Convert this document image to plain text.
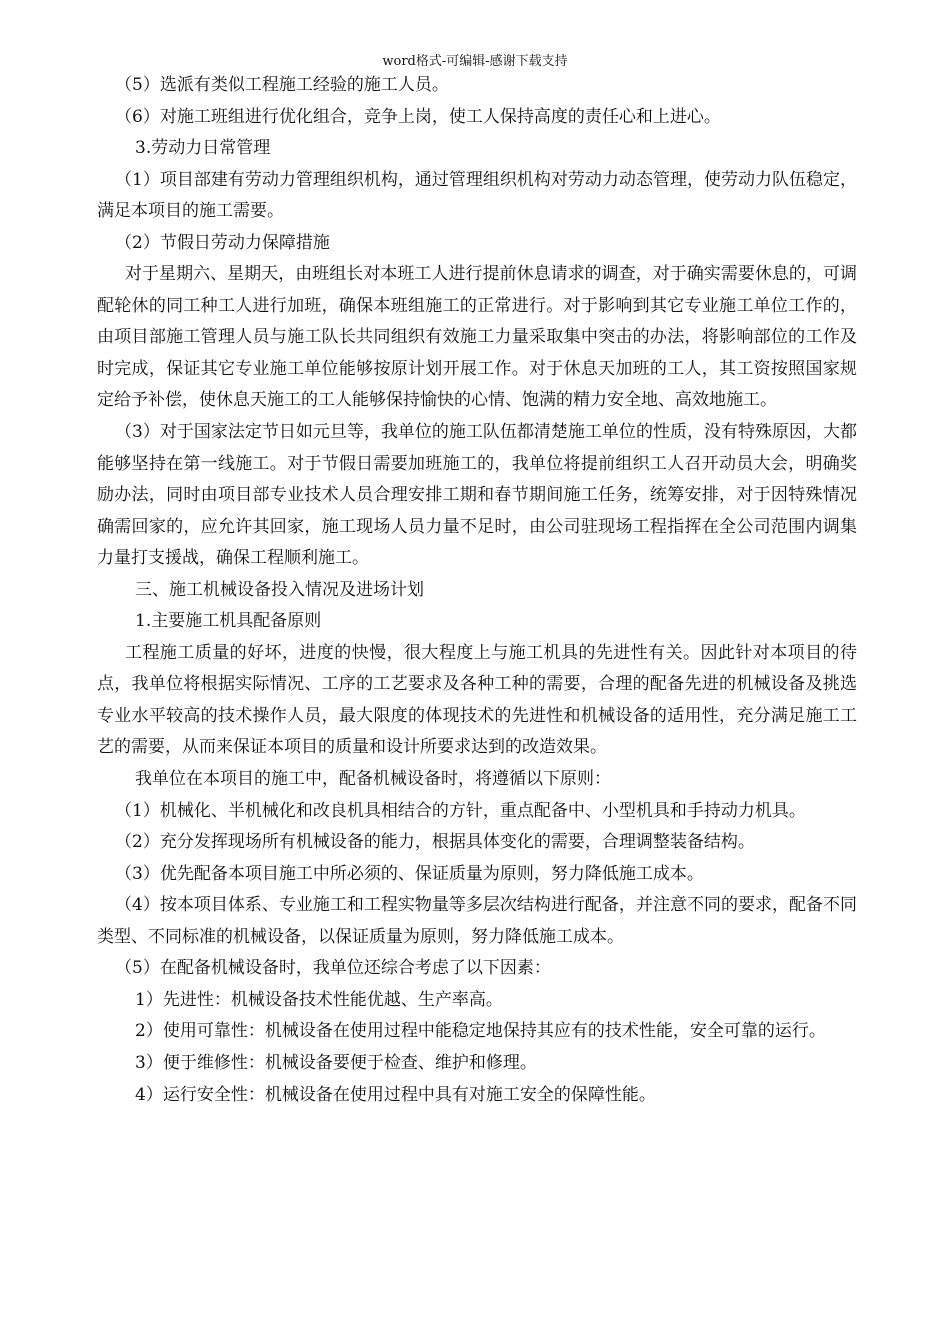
word格式-可编辑-感谢下载支持

（5）选派有类似工程施工经验的施工人员。

（6）对施工班组进行优化组合，竞争上岗，使工人保持高度的责任心和上进心。

3.劳动力日常管理

（1）项目部建有劳动力管理组织机构，通过管理组织机构对劳动力动态管理，使劳动力队伍稳定，满足本项目的施工需要。

（2）节假日劳动力保障措施

对于星期六、星期天，由班组长对本班工人进行提前休息请求的调查，对于确实需要休息的，可调配轮休的同工种工人进行加班，确保本班组施工的正常进行。对于影响到其它专业施工单位工作的，由项目部施工管理人员与施工队长共同组织有效施工力量采取集中突击的办法，将影响部位的工作及时完成，保证其它专业施工单位能够按原计划开展工作。对于休息天加班的工人，其工资按照国家规定给予补偿，使休息天施工的工人能够保持愉快的心情、饱满的精力安全地、高效地施工。

（3）对于国家法定节日如元旦等，我单位的施工队伍都清楚施工单位的性质，没有特殊原因，大都能够坚持在第一线施工。对于节假日需要加班施工的，我单位将提前组织工人召开动员大会，明确奖励办法，同时由项目部专业技术人员合理安排工期和春节期间施工任务，统筹安排，对于因特殊情况确需回家的，应允许其回家，施工现场人员力量不足时，由公司驻现场工程指挥在全公司范围内调集力量打支援战，确保工程顺利施工。

三、施工机械设备投入情况及进场计划

1.主要施工机具配备原则

工程施工质量的好坏，进度的快慢，很大程度上与施工机具的先进性有关。因此针对本项目的待点，我单位将根据实际情况、工序的工艺要求及各种工种的需要，合理的配备先进的机械设备及挑选专业水平较高的技术操作人员，最大限度的体现技术的先进性和机械设备的适用性，充分满足施工工艺的需要，从而来保证本项目的质量和设计所要求达到的改造效果。

我单位在本项目的施工中，配备机械设备时，将遵循以下原则：

（1）机械化、半机械化和改良机具相结合的方针，重点配备中、小型机具和手持动力机具。

（2）充分发挥现场所有机械设备的能力，根据具体变化的需要，合理调整装备结构。

（3）优先配备本项目施工中所必须的、保证质量为原则，努力降低施工成本。

（4）按本项目体系、专业施工和工程实物量等多层次结构进行配备，并注意不同的要求，配备不同类型、不同标准的机械设备，以保证质量为原则，努力降低施工成本。

（5）在配备机械设备时，我单位还综合考虑了以下因素：

1）先进性：机械设备技术性能优越、生产率高。

2）使用可靠性：机械设备在使用过程中能稳定地保持其应有的技术性能，安全可靠的运行。

3）便于维修性：机械设备要便于检查、维护和修理。

4）运行安全性：机械设备在使用过程中具有对施工安全的保障性能。
